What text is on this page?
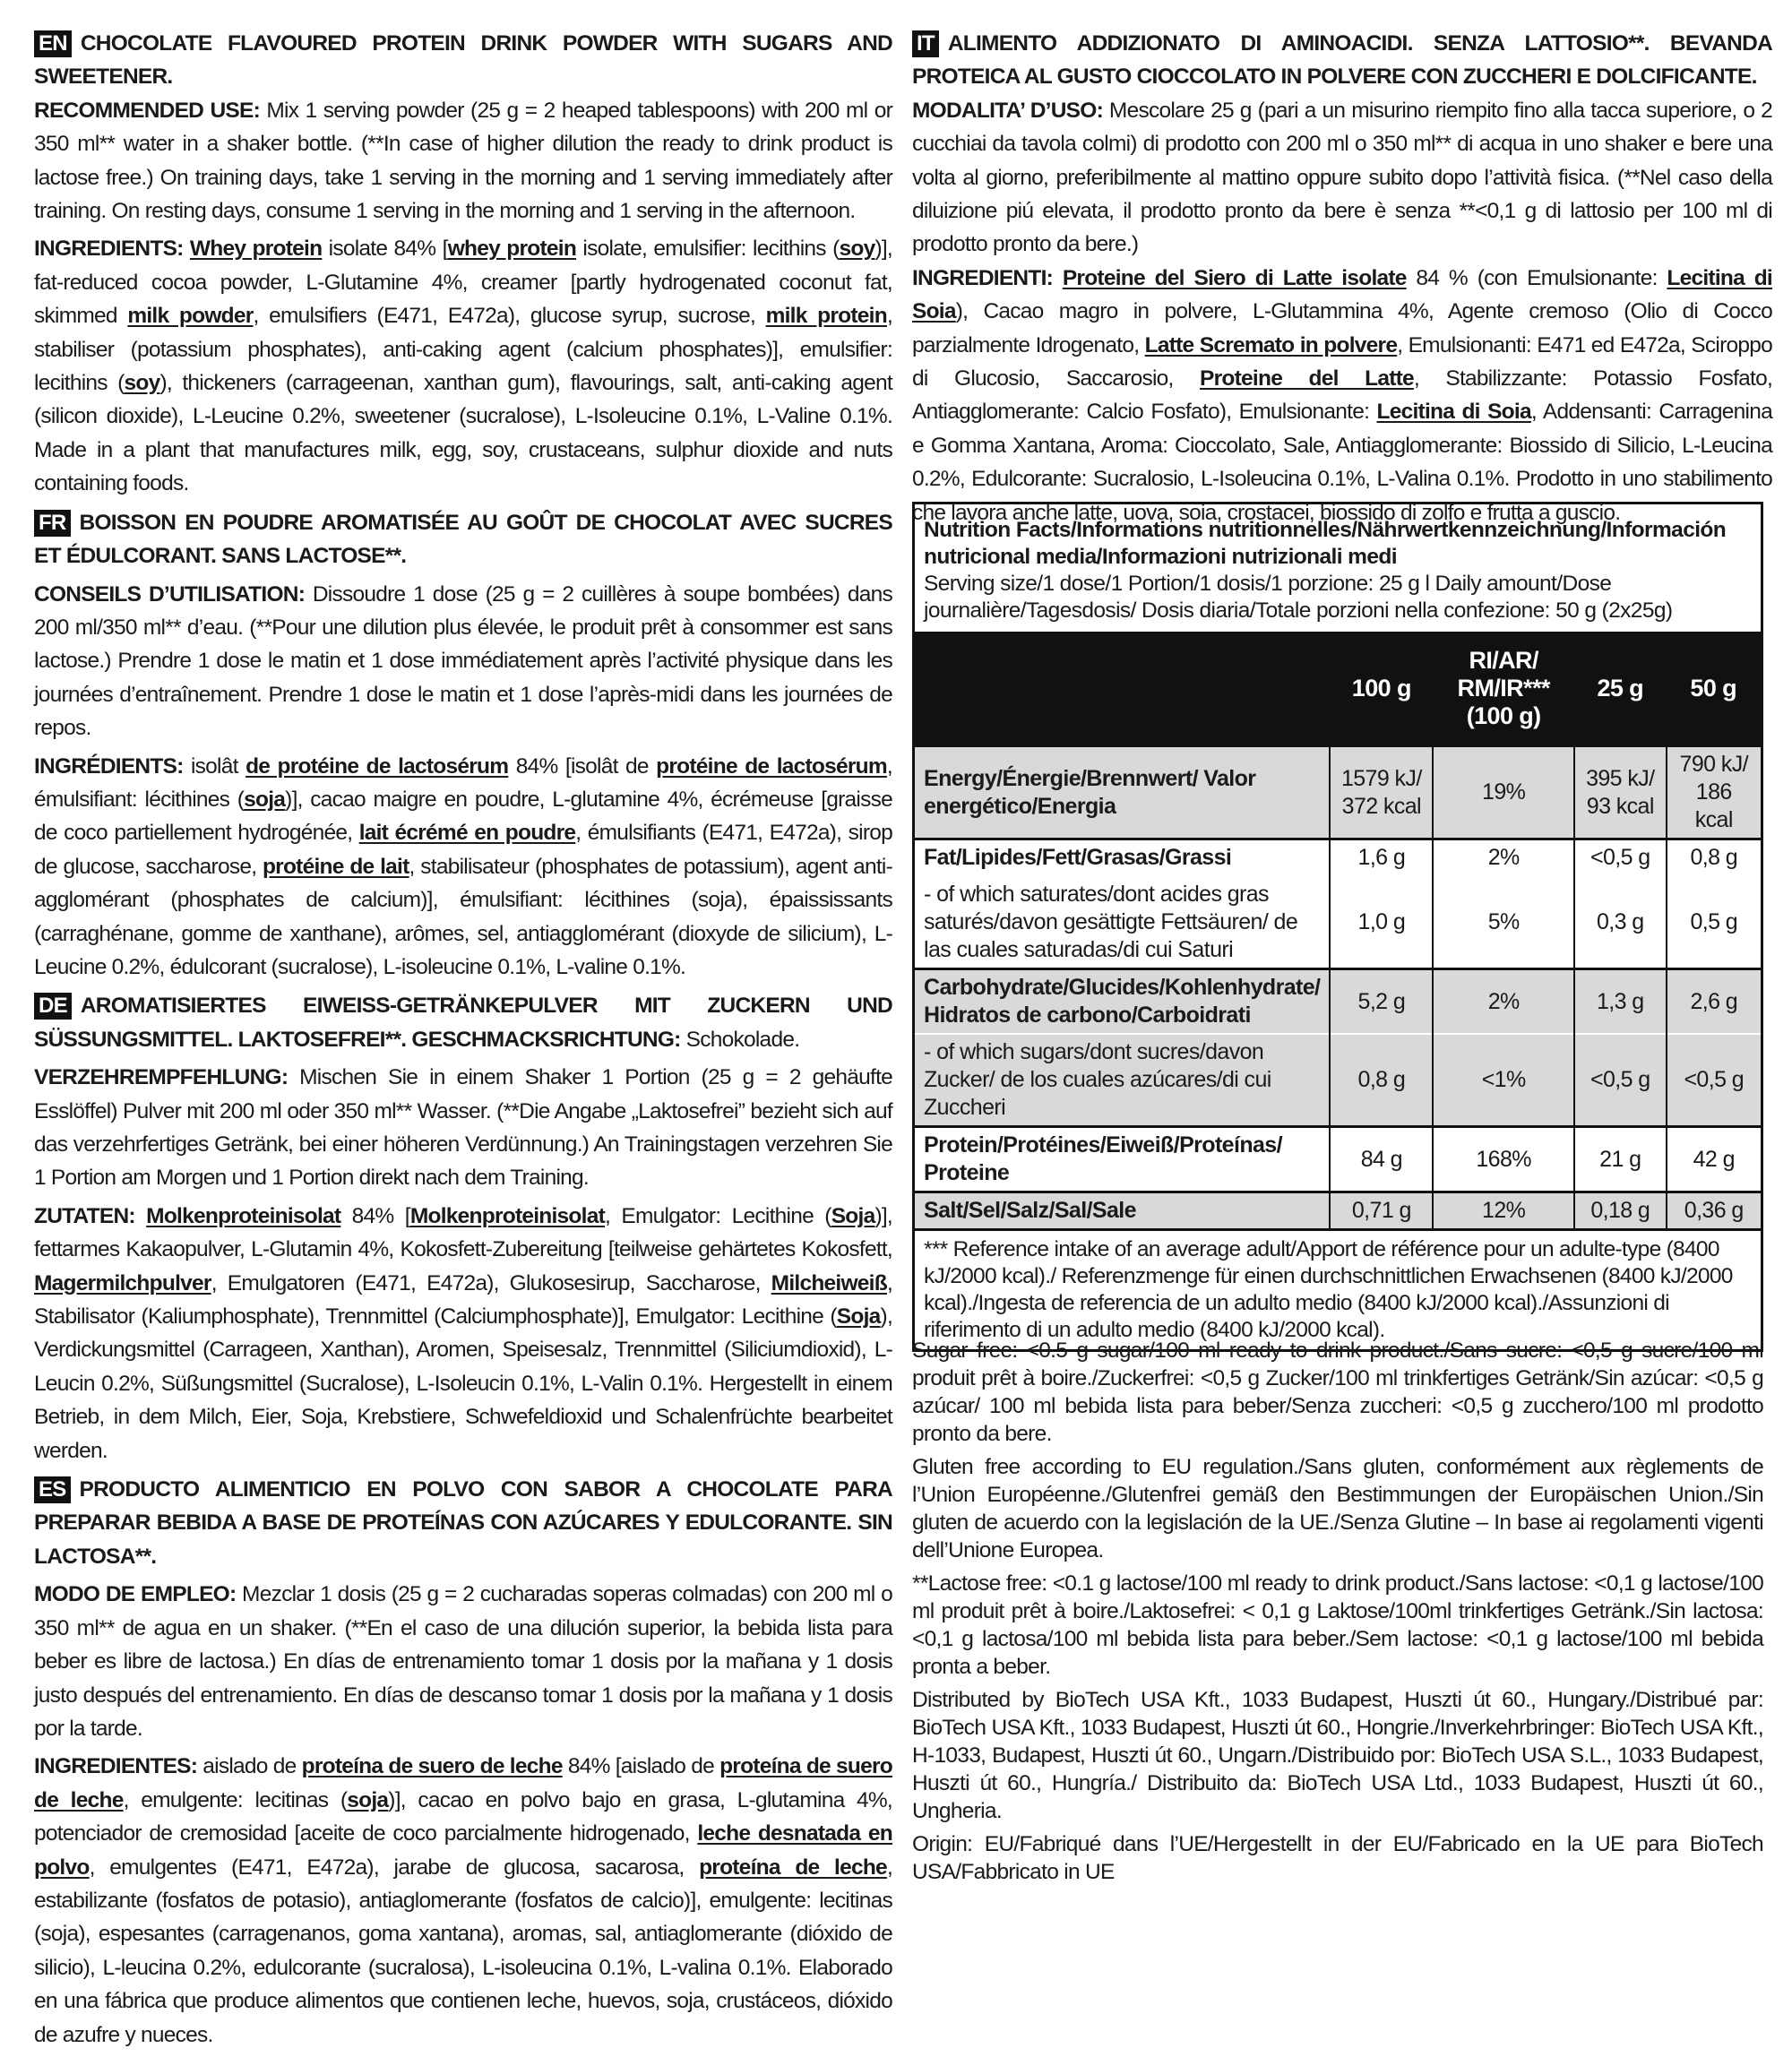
EN CHOCOLATE FLAVOURED PROTEIN DRINK POWDER WITH SUGARS AND SWEETENER.
RECOMMENDED USE: Mix 1 serving powder (25 g = 2 heaped tablespoons) with 200 ml or 350 ml** water in a shaker bottle. (**In case of higher dilution the ready to drink product is lactose free.) On training days, take 1 serving in the morning and 1 serving immediately after training. On resting days, consume 1 serving in the morning and 1 serving in the afternoon.

INGREDIENTS: Whey protein isolate 84% [whey protein isolate, emulsifier: lecithins (soy)], fat-reduced cocoa powder, L-Glutamine 4%, creamer [partly hydrogenated coconut fat, skimmed milk powder, emulsifiers (E471, E472a), glucose syrup, sucrose, milk protein, stabiliser (potassium phosphates), anti-caking agent (calcium phosphates)], emulsifier: lecithins (soy), thickeners (carrageenan, xanthan gum), flavourings, salt, anti-caking agent (silicon dioxide), L-Leucine 0.2%, sweetener (sucralose), L-Isoleucine 0.1%, L-Valine 0.1%. Made in a plant that manufactures milk, egg, soy, crustaceans, sulphur dioxide and nuts containing foods.

FR BOISSON EN POUDRE AROMATISÉE AU GOÛT DE CHOCOLAT AVEC SUCRES ET ÉDULCORANT. SANS LACTOSE**.

CONSEILS D’UTILISATION: Dissoudre 1 dose (25 g = 2 cuillères à soupe bombées) dans 200 ml/350 ml** d’eau. (**Pour une dilution plus élevée, le produit prêt à consommer est sans lactose.) Prendre 1 dose le matin et 1 dose immédiatement après l’activité physique dans les journées d’entraînement. Prendre 1 dose le matin et 1 dose l’après-midi dans les journées de repos.

INGRÉDIENTS: isolât de protéine de lactosérum 84% [isolât de protéine de lactosérum, émulsifiant: lécithines (soja)], cacao maigre en poudre, L-glutamine 4%, écrémeuse [graisse de coco partiellement hydrogénée, lait écrémé en poudre, émulsifiants (E471, E472a), sirop de glucose, saccharose, protéine de lait, stabilisateur (phosphates de potassium), agent anti-agglomérant (phosphates de calcium)], émulsifiant: lécithines (soja), épaississants (carraghénane, gomme de xanthane), arômes, sel, antiagglomérant (dioxyde de silicium), L-Leucine 0.2%, édulcorant (sucralose), L-isoleucine 0.1%, L-valine 0.1%.

DE AROMATISIERTES EIWEISS-GETRÄNKEPULVER MIT ZUCKERN UND SÜSSUNGSMITTEL. LAKTOSEFREI**. GESCHMACKSRICHTUNG: Schokolade.

VERZEHREMPFEHLUNG: Mischen Sie in einem Shaker 1 Portion (25 g = 2 gehäufte Esslöffel) Pulver mit 200 ml oder 350 ml** Wasser. (**Die Angabe „Laktosefrei” bezieht sich auf das verzehrfertiges Getränk, bei einer höheren Verdünnung.) An Trainingstagen verzehren Sie 1 Portion am Morgen und 1 Portion direkt nach dem Training.

ZUTATEN: Molkenproteinisolat 84% [Molkenproteinisolat, Emulgator: Lecithine (Soja)], fettarmes Kakaopulver, L-Glutamin 4%, Kokosfett-Zubereitung [teilweise gehärtetes Kokosfett, Magermilchpulver, Emulgatoren (E471, E472a), Glukosesirup, Saccharose, Milcheiweiß, Stabilisator (Kaliumphosphate), Trennmittel (Calciumphosphate)], Emulgator: Lecithine (Soja), Verdickungsmittel (Carrageen, Xanthan), Aromen, Speisesalz, Trennmittel (Siliciumdioxid), L-Leucin 0.2%, Süßungsmittel (Sucralose), L-Isoleucin 0.1%, L-Valin 0.1%. Hergestellt in einem Betrieb, in dem Milch, Eier, Soja, Krebstiere, Schwefeldioxid und Schalenfrüchte bearbeitet werden.

ES PRODUCTO ALIMENTICIO EN POLVO CON SABOR A CHOCOLATE PARA PREPARAR BEBIDA A BASE DE PROTEÍNAS CON AZÚCARES Y EDULCORANTE. SIN LACTOSA**.

MODO DE EMPLEO: Mezclar 1 dosis (25 g = 2 cucharadas soperas colmadas) con 200 ml o 350 ml** de agua en un shaker. (**En el caso de una dilución superior, la bebida lista para beber es libre de lactosa.) En días de entrenamiento tomar 1 dosis por la mañana y 1 dosis justo después del entrenamiento. En días de descanso tomar 1 dosis por la mañana y 1 dosis por la tarde.

INGREDIENTES: aislado de proteína de suero de leche 84% [aislado de proteína de suero de leche, emulgente: lecitinas (soja)], cacao en polvo bajo en grasa, L-glutamina 4%, potenciador de cremosidad [aceite de coco parcialmente hidrogenado, leche desnatada en polvo, emulgentes (E471, E472a), jarabe de glucosa, sacarosa, proteína de leche, estabilizante (fosfatos de potasio), antiaglomerante (fosfatos de calcio)], emulgente: lecitinas (soja), espesantes (carragenanos, goma xantana), aromas, sal, antiaglomerante (dióxido de silicio), L-leucina 0.2%, edulcorante (sucralosa), L-isoleucina 0.1%, L-valina 0.1%. Elaborado en una fábrica que produce alimentos que contienen leche, huevos, soja, crustáceos, dióxido de azufre y nueces.

IT ALIMENTO ADDIZIONATO DI AMINOACIDI. SENZA LATTOSIO**. BEVANDA PROTEICA AL GUSTO CIOCCOLATO IN POLVERE CON ZUCCHERI E DOLCIFICANTE.
MODALITA’ D’USO: Mescolare 25 g (pari a un misurino riempito fino alla tacca superiore, o 2 cucchiai da tavola colmi) di prodotto con 200 ml o 350 ml** di acqua in uno shaker e bere una volta al giorno, preferibilmente al mattino oppure subito dopo l’attività fisica. (**Nel caso della diluizione piú elevata, il prodotto pronto da bere è senza **<0,1 g di lattosio per 100 ml di prodotto pronto da bere.)
INGREDIENTI: Proteine del Siero di Latte isolate 84 % (con Emulsionante: Lecitina di Soia), Cacao magro in polvere, L-Glutammina 4%, Agente cremoso (Olio di Cocco parzialmente Idrogenato, Latte Scremato in polvere, Emulsionanti: E471 ed E472a, Sciroppo di Glucosio, Saccarosio, Proteine del Latte, Stabilizzante: Potassio Fosfato, Antiagglomerante: Calcio Fosfato), Emulsionante: Lecitina di Soia, Addensanti: Carragenina e Gomma Xantana, Aroma: Cioccolato, Sale, Antiagglomerante: Biossido di Silicio, L-Leucina 0.2%, Edulcorante: Sucralosio, L-Isoleucina 0.1%, L-Valina 0.1%. Prodotto in uno stabilimento che lavora anche latte, uova, soia, crostacei, biossido di zolfo e frutta a guscio.

Nutrition Facts/Informations nutritionnelles/Nährwertkennzeichnung/Información nutricional media/Informazioni nutrizionali medi
Serving size/1 dose/1 Portion/1 dosis/1 porzione: 25 g l Daily amount/Dose journalière/Tagesdosis/ Dosis diaria/Totale porzioni nella confezione: 50 g (2x25g)
	100 g	RI/AR/ RM/IR*** (100 g)	25 g	50 g
Energy/Énergie/Brennwert/ Valor energético/Energia	1579 kJ/ 372 kcal	19%	395 kJ/ 93 kcal	790 kJ/ 186 kcal
Fat/Lipides/Fett/Grasas/Grassi	1,6 g	2%	<0,5 g	0,8 g
- of which saturates/dont acides gras saturés/davon gesättigte Fettsäuren/ de las cuales saturadas/di cui Saturi	1,0 g	5%	0,3 g	0,5 g
Carbohydrate/Glucides/Kohlenhydrate/ Hidratos de carbono/Carboidrati	5,2 g	2%	1,3 g	2,6 g
- of which sugars/dont sucres/davon Zucker/ de los cuales azúcares/di cui Zuccheri	0,8 g	<1%	<0,5 g	<0,5 g
Protein/Protéines/Eiweiß/Proteínas/ Proteine	84 g	168%	21 g	42 g
Salt/Sel/Salz/Sal/Sale	0,71 g	12%	0,18 g	0,36 g
*** Reference intake of an average adult/Apport de référence pour un adulte-type (8400 kJ/2000 kcal)./ Referenzmenge für einen durchschnittlichen Erwachsenen (8400 kJ/2000 kcal)./Ingesta de referencia de un adulto medio (8400 kJ/2000 kcal)./Assunzioni di riferimento di un adulto medio (8400 kJ/2000 kcal).

Sugar free: <0.5 g sugar/100 ml ready to drink product./Sans sucre: <0,5 g sucre/100 ml produit prêt à boire./Zuckerfrei: <0,5 g Zucker/100 ml trinkfertiges Getränk/Sin azúcar: <0,5 g azúcar/ 100 ml bebida lista para beber/Senza zuccheri: <0,5 g zucchero/100 ml prodotto pronto da bere.

Gluten free according to EU regulation./Sans gluten, conformément aux règlements de l’Union Européenne./Glutenfrei gemäß den Bestimmungen der Europäischen Union./Sin gluten de acuerdo con la legislación de la UE./Senza Glutine – In base ai regolamenti vigenti dell’Unione Europea.

**Lactose free: <0.1 g lactose/100 ml ready to drink product./Sans lactose: <0,1 g lactose/100 ml produit prêt à boire./Laktosefrei: < 0,1 g Laktose/100ml trinkfertiges Getränk./Sin lactosa: <0,1 g lactosa/100 ml bebida lista para beber./Sem lactose: <0,1 g lactose/100 ml bebida pronta a beber.

Distributed by BioTech USA Kft., 1033 Budapest, Huszti út 60., Hungary./Distribué par: BioTech USA Kft., 1033 Budapest, Huszti út 60., Hongrie./Inverkehrbringer: BioTech USA Kft., H-1033, Budapest, Huszti út 60., Ungarn./Distribuido por: BioTech USA S.L., 1033 Budapest, Huszti út 60., Hungría./ Distribuito da: BioTech USA Ltd., 1033 Budapest, Huszti út 60., Ungheria.

Origin: EU/Fabriqué dans l’UE/Hergestellt in der EU/Fabricado en la UE para BioTech USA/Fabbricato in UE
